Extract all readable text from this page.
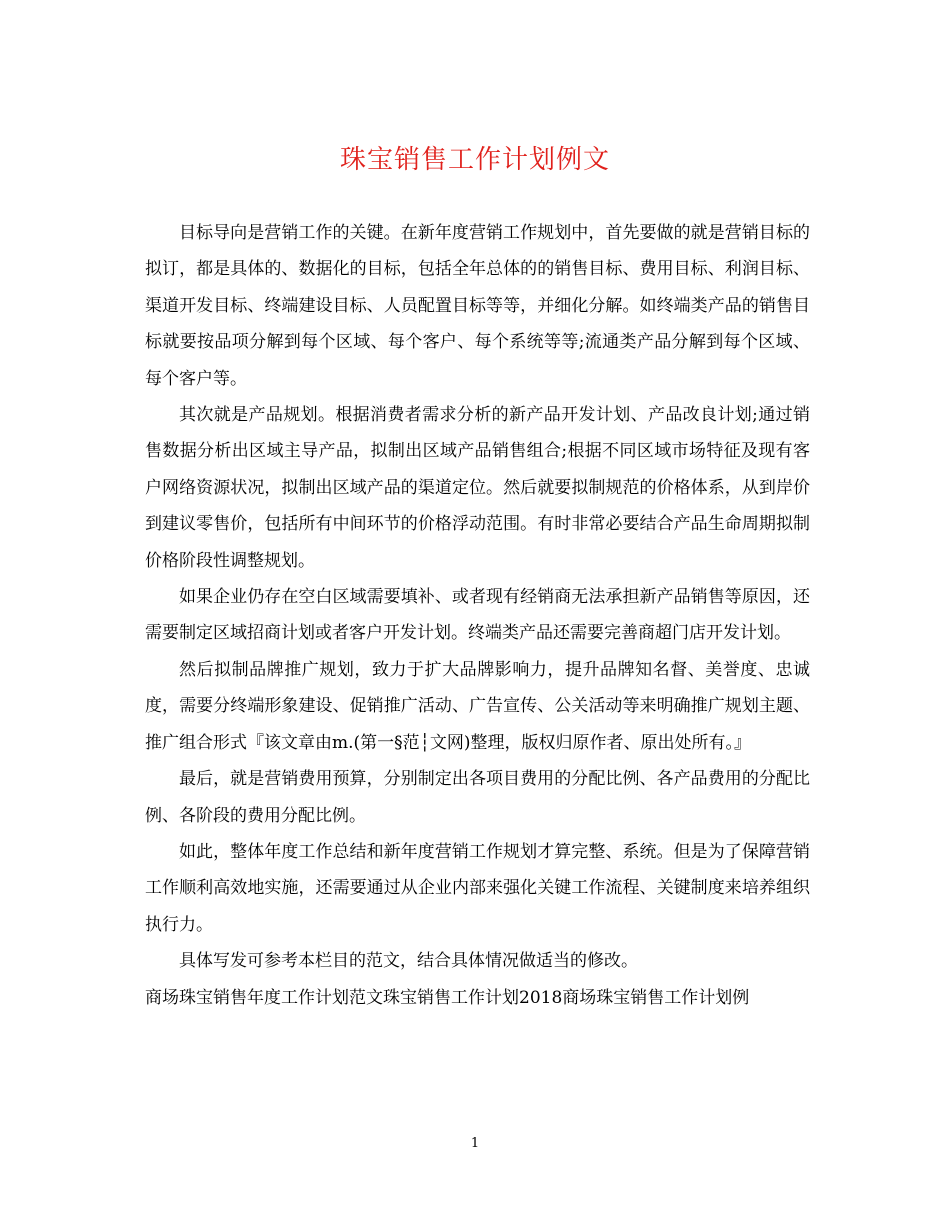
珠宝销售工作计划例文

目标导向是营销工作的关键。在新年度营销工作规划中，首先要做的就是营销目标的拟订，都是具体的、数据化的目标，包括全年总体的的销售目标、费用目标、利润目标、渠道开发目标、终端建设目标、人员配置目标等等，并细化分解。如终端类产品的销售目标就要按品项分解到每个区域、每个客户、每个系统等等;流通类产品分解到每个区域、每个客户等。

其次就是产品规划。根据消费者需求分析的新产品开发计划、产品改良计划;通过销售数据分析出区域主导产品，拟制出区域产品销售组合;根据不同区域市场特征及现有客户网络资源状况，拟制出区域产品的渠道定位。然后就要拟制规范的价格体系，从到岸价到建议零售价，包括所有中间环节的价格浮动范围。有时非常必要结合产品生命周期拟制价格阶段性调整规划。

如果企业仍存在空白区域需要填补、或者现有经销商无法承担新产品销售等原因，还需要制定区域招商计划或者客户开发计划。终端类产品还需要完善商超门店开发计划。

然后拟制品牌推广规划，致力于扩大品牌影响力，提升品牌知名督、美誉度、忠诚度，需要分终端形象建设、促销推广活动、广告宣传、公关活动等来明确推广规划主题、推广组合形式『该文章由m.(第一§范┆文网)整理，版权归原作者、原出处所有。』

最后，就是营销费用预算，分别制定出各项目费用的分配比例、各产品费用的分配比例、各阶段的费用分配比例。

如此，整体年度工作总结和新年度营销工作规划才算完整、系统。但是为了保障营销工作顺利高效地实施，还需要通过从企业内部来强化关键工作流程、关键制度来培养组织执行力。

具体写发可参考本栏目的范文，结合具体情况做适当的修改。

商场珠宝销售年度工作计划范文珠宝销售工作计划2018商场珠宝销售工作计划例

1
